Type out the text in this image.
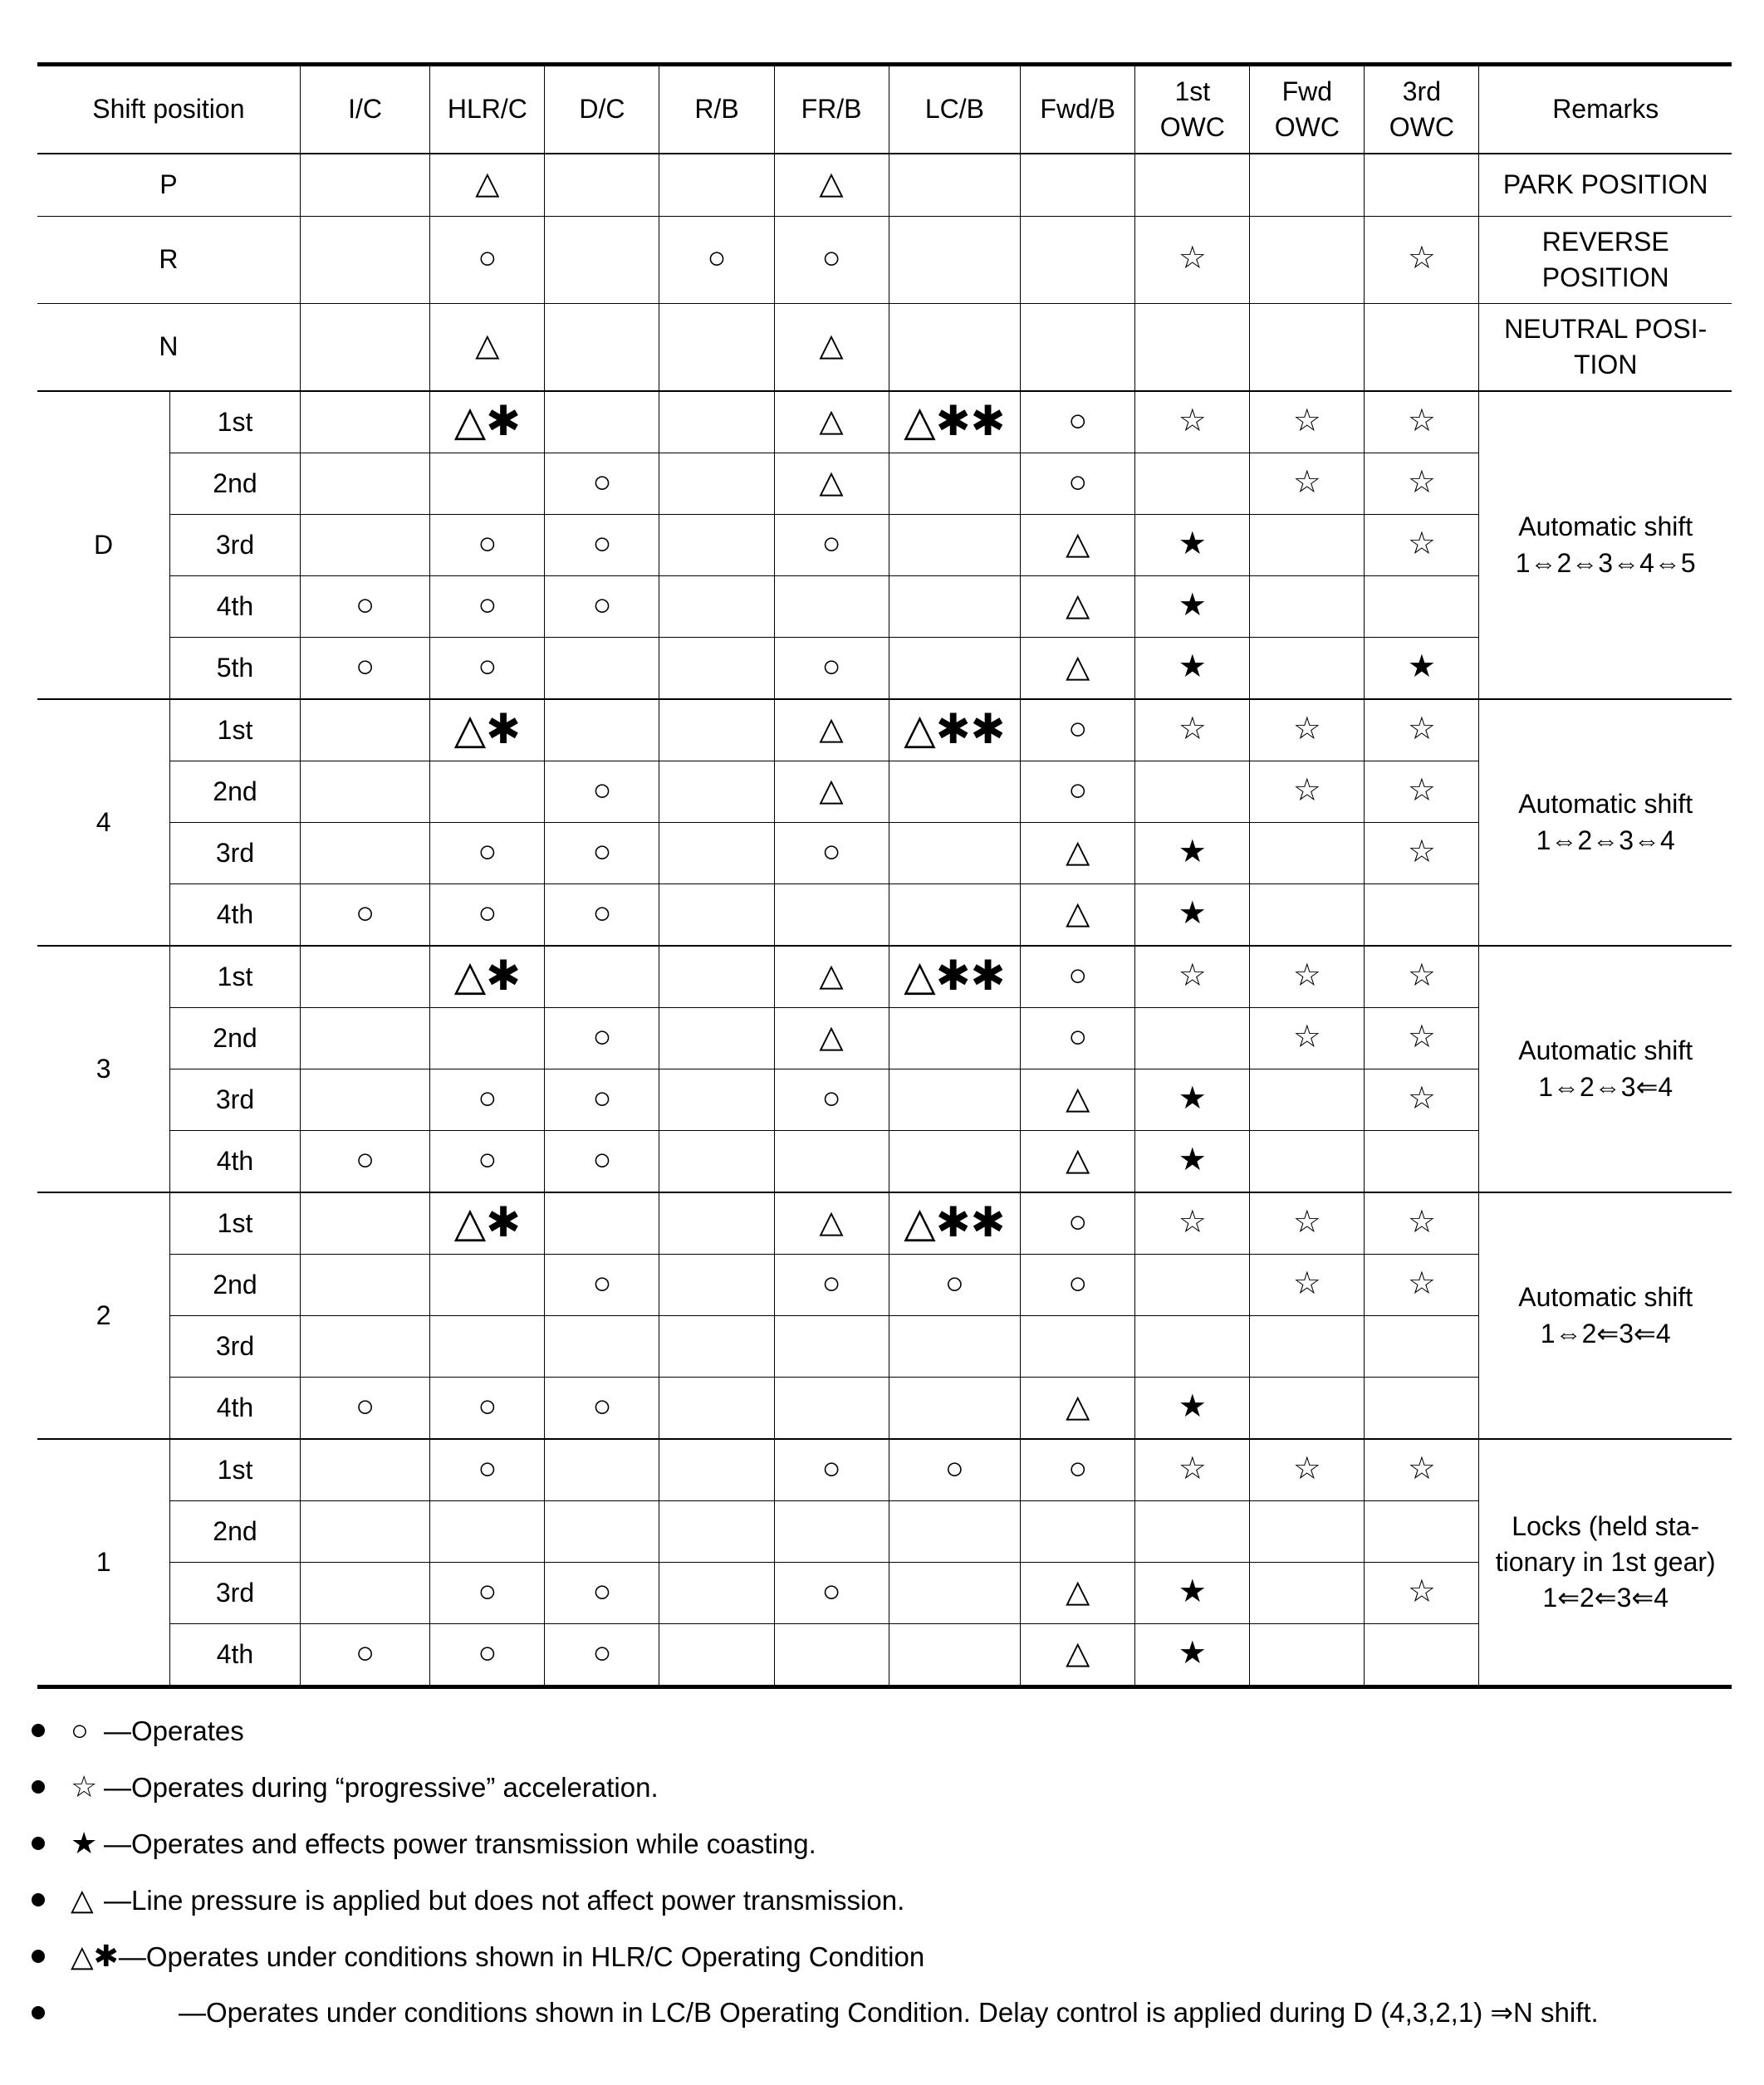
Shift position		I/C	HLR/C	D/C	R/B	FR/B	LC/B	Fwd/B	1st OWC	Fwd OWC	3rd OWC	Remarks
P			△			△						PARK POSITION
R			○		○	○			☆		☆	REVERSE POSITION
N			△			△						NEUTRAL POSI-TION
D	1st		△✱			△	△✱✱	○	☆	☆	☆	Automatic shift 1⇔2⇔3⇔4⇔5
	2nd			○		△		○		☆	☆	
	3rd		○	○		○		△	★		☆	
	4th	○	○	○				△	★			
	5th	○	○			○		△	★		★	
4	1st		△✱			△	△✱✱	○	☆	☆	☆	Automatic shift 1⇔2⇔3⇔4
	2nd			○		△		○		☆	☆	
	3rd		○	○		○		△	★		☆	
	4th	○	○	○				△	★			
3	1st		△✱			△	△✱✱	○	☆	☆	☆	Automatic shift 1⇔2⇔3⇐4
	2nd			○		△		○		☆	☆	
	3rd		○	○		○		△	★		☆	
	4th	○	○	○				△	★			
2	1st		△✱			△	△✱✱	○	☆	☆	☆	Automatic shift 1⇔2⇐3⇐4
	2nd			○		○	○	○		☆	☆	
	3rd											
	4th	○	○	○				△	★			
1	1st		○			○	○	○	☆	☆	☆	Locks (held sta-tionary in 1st gear) 1⇐2⇐3⇐4
	2nd											
	3rd		○	○		○		△	★		☆	
	4th	○	○	○				△	★			
○ —Operates
☆ —Operates during “progressive” acceleration.
★ —Operates and effects power transmission while coasting.
△ —Line pressure is applied but does not affect power transmission.
△✱—Operates under conditions shown in HLR/C Operating Condition
—Operates under conditions shown in LC/B Operating Condition. Delay control is applied during D (4,3,2,1) ⇒N shift.
